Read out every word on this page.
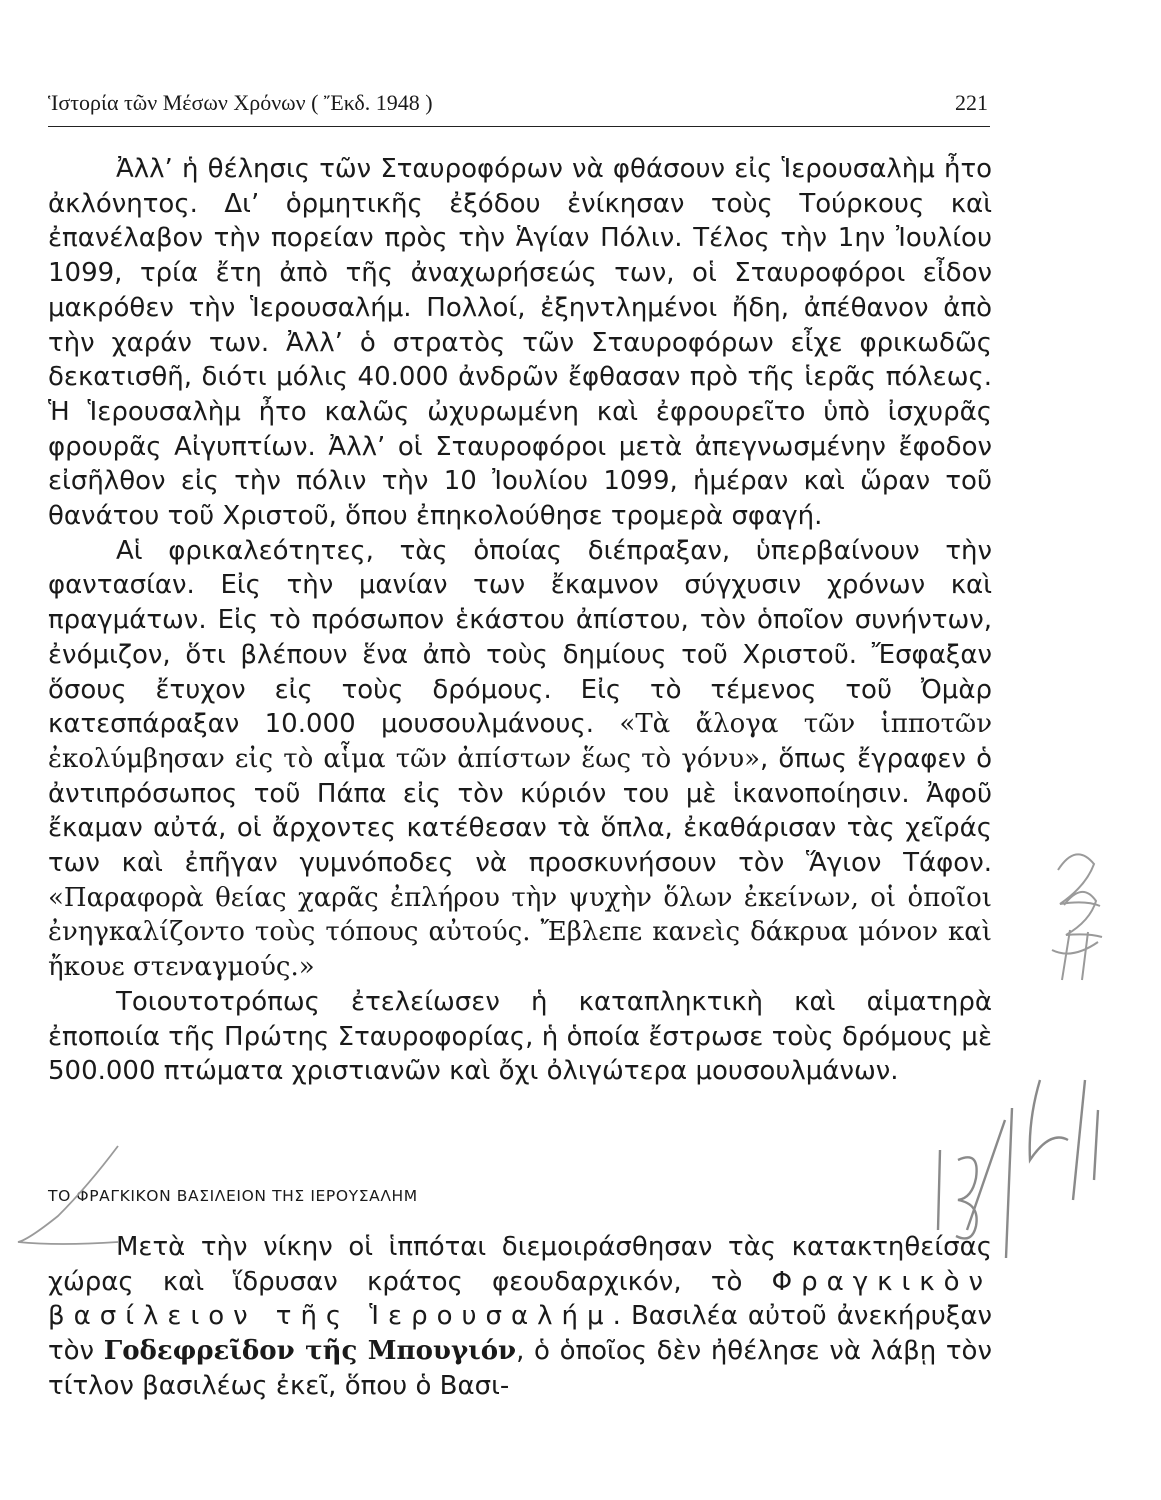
Ἱστορία τῶν Μέσων Χρόνων ( Ἔκδ. 1948 )	221

Ἀλλ’ ἡ θέλησις τῶν Σταυροφόρων νὰ φθάσουν εἰς Ἱερουσαλὴμ ἦτο ἀκλόνητος. Δι’ ὁρμητικῆς ἐξόδου ἐνίκησαν τοὺς Τούρκους καὶ ἐπανέλαβον τὴν πορείαν πρὸς τὴν Ἁγίαν Πόλιν. Τέλος τὴν 1ην Ἰουλίου 1099, τρία ἔτη ἀπὸ τῆς ἀναχωρήσεώς των, οἱ Σταυροφόροι εἶδον μακρόθεν τὴν Ἱερουσαλήμ. Πολλοί, ἐξηντλημένοι ἤδη, ἀπέθανον ἀπὸ τὴν χαράν των. Ἀλλ’ ὁ στρατὸς τῶν Σταυροφόρων εἶχε φρικωδῶς δεκατισθῆ, διότι μόλις 40.000 ἀνδρῶν ἔφθασαν πρὸ τῆς ἱερᾶς πόλεως. Ἡ Ἱερουσαλὴμ ἦτο καλῶς ὠχυρωμένη καὶ ἐφρουρεῖτο ὑπὸ ἰσχυρᾶς φρουρᾶς Αἰγυπτίων. Ἀλλ’ οἱ Σταυροφόροι μετὰ ἀπεγνωσμένην ἔφοδον εἰσῆλθον εἰς τὴν πόλιν τὴν 10 Ἰουλίου 1099, ἡμέραν καὶ ὥραν τοῦ θανάτου τοῦ Χριστοῦ, ὅπου ἐπηκολούθησε τρομερὰ σφαγή.

Αἱ φρικαλεότητες, τὰς ὁποίας διέπραξαν, ὑπερβαίνουν τὴν φαντασίαν. Εἰς τὴν μανίαν των ἔκαμνον σύγχυσιν χρόνων καὶ πραγμάτων. Εἰς τὸ πρόσωπον ἑκάστου ἀπίστου, τὸν ὁποῖον συνήντων, ἐνόμιζον, ὅτι βλέπουν ἕνα ἀπὸ τοὺς δημίους τοῦ Χριστοῦ. Ἔσφαξαν ὅσους ἔτυχον εἰς τοὺς δρόμους. Εἰς τὸ τέμενος τοῦ Ὀμὰρ κατεσπάραξαν 10.000 μουσουλμάνους. «Τὰ ἄλογα τῶν ἱπποτῶν ἐκολύμβησαν εἰς τὸ αἷμα τῶν ἀπίστων ἕως τὸ γόνυ», ὅπως ἔγραφεν ὁ ἀντιπρόσωπος τοῦ Πάπα εἰς τὸν κύριόν του μὲ ἱκανοποίησιν. Ἀφοῦ ἔκαμαν αὐτά, οἱ ἄρχοντες κατέθεσαν τὰ ὅπλα, ἐκαθάρισαν τὰς χεῖράς των καὶ ἐπῆγαν γυμνόποδες νὰ προσκυνήσουν τὸν Ἅγιον Τάφον. «Παραφορὰ θείας χαρᾶς ἐπλήρου τὴν ψυχὴν ὅλων ἐκείνων, οἱ ὁποῖοι ἐνηγκαλίζοντο τοὺς τόπους αὐτούς. Ἔβλεπε κανεὶς δάκρυα μόνον καὶ ἤκουε στεναγμούς.»

Τοιουτοτρόπως ἐτελείωσεν ἡ καταπληκτικὴ καὶ αἱματηρὰ ἐποποιία τῆς Πρώτης Σταυροφορίας, ἡ ὁποία ἔστρωσε τοὺς δρόμους μὲ 500.000 πτώματα χριστιανῶν καὶ ὄχι ὀλιγώτερα μουσουλμάνων.

ΤΟ ΦΡΑΓΚΙΚΟΝ ΒΑΣΙΛΕΙΟΝ ΤΗΣ ΙΕΡΟΥΣΑΛΗΜ

Μετὰ τὴν νίκην οἱ ἱππόται διεμοιράσθησαν τὰς κατακτηθείσας χώρας καὶ ἵδρυσαν κράτος φεουδαρχικόν, τὸ Φραγκικὸν βασίλειον τῆς Ἱερουσαλήμ. Βασιλέα αὐτοῦ ἀνεκήρυξαν τὸν Γοδεφρεῖδον τῆς Μπουγιόν, ὁ ὁποῖος δὲν ἠθέλησε νὰ λάβῃ τὸν τίτλον βασιλέως ἐκεῖ, ὅπου ὁ Βασι-
